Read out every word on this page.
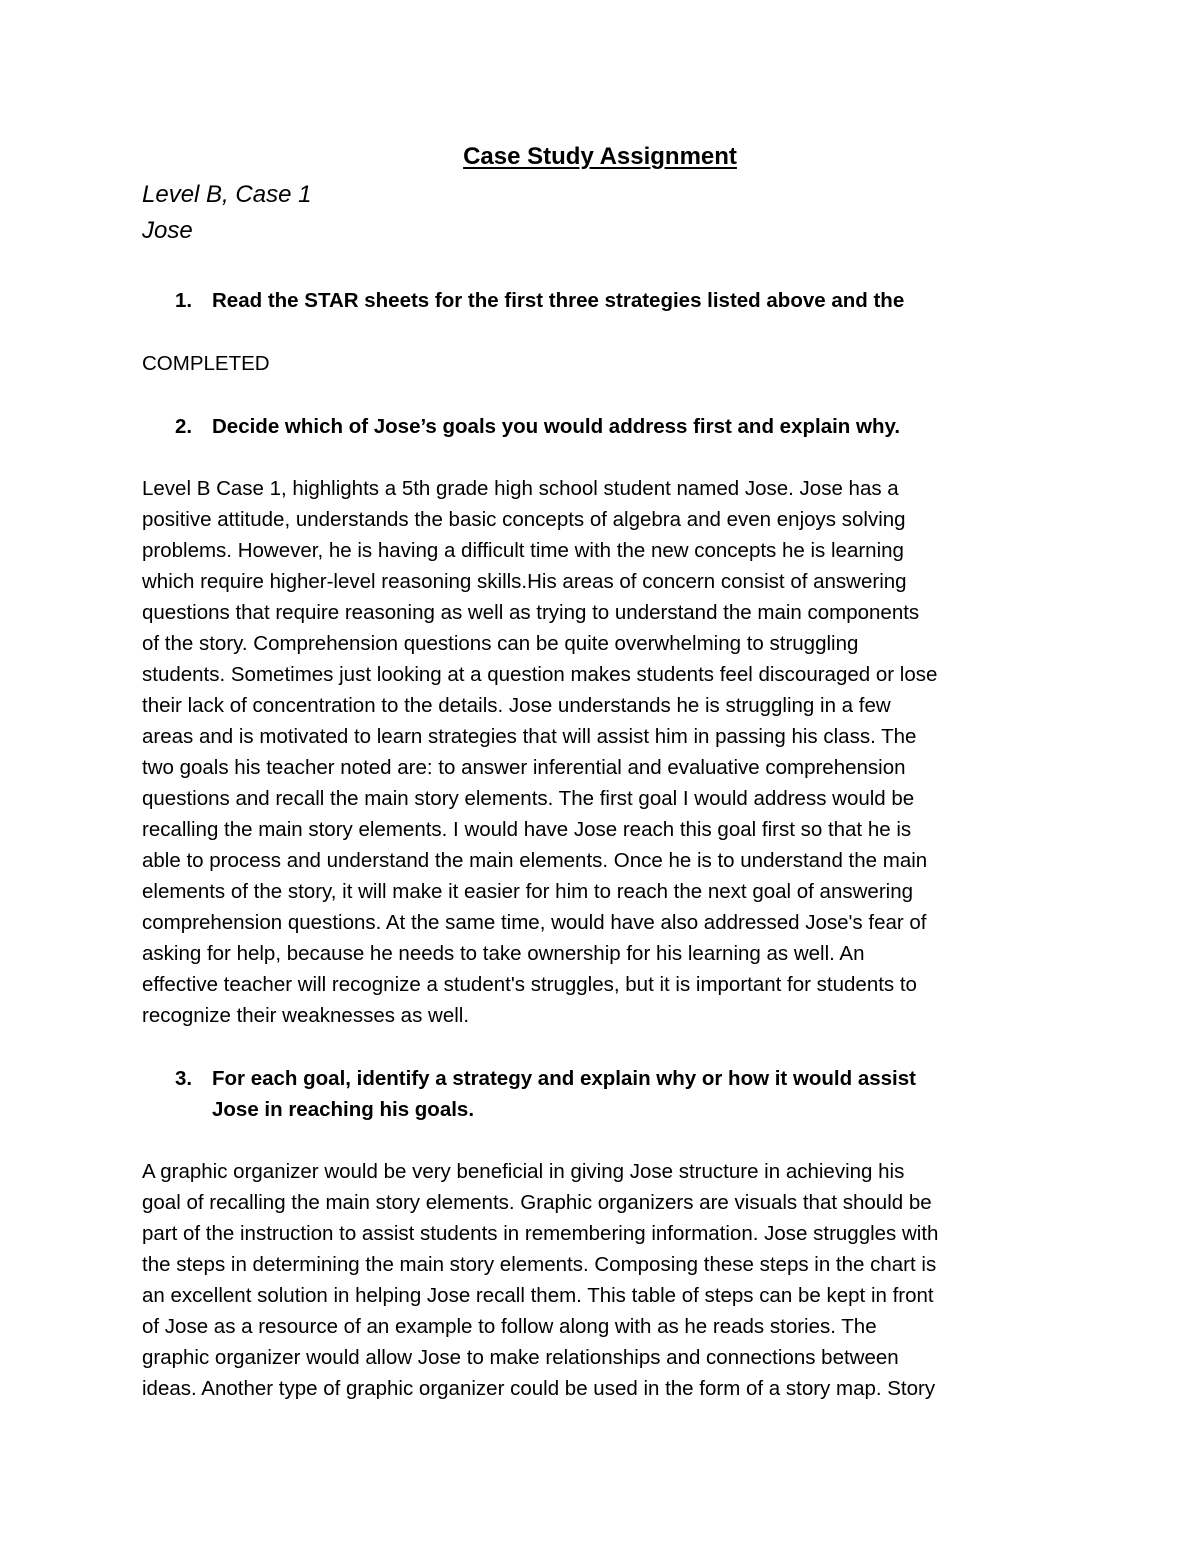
Case Study Assignment
Level B, Case 1
Jose
1. Read the STAR sheets for the first three strategies listed above and the
COMPLETED
2. Decide which of Jose’s goals you would address first and explain why.
Level B Case 1, highlights a 5th grade high school student named Jose. Jose has a
positive attitude, understands the basic concepts of algebra and even enjoys solving
problems. However, he is having a difficult time with the new concepts he is learning
which require higher-level reasoning skills.His areas of concern consist of answering
questions that require reasoning as well as trying to understand the main components
of the story. Comprehension questions can be quite overwhelming to struggling
students. Sometimes just looking at a question makes students feel discouraged or lose
their lack of concentration to the details. Jose understands he is struggling in a few
areas and is motivated to learn strategies that will assist him in passing his class. The
two goals his teacher noted are: to answer inferential and evaluative comprehension
questions and recall the main story elements. The first goal I would address would be
recalling the main story elements. I would have Jose reach this goal first so that he is
able to process and understand the main elements. Once he is to understand the main
elements of the story, it will make it easier for him to reach the next goal of answering
comprehension questions. At the same time, would have also addressed Jose's fear of
asking for help, because he needs to take ownership for his learning as well. An
effective teacher will recognize a student's struggles, but it is important for students to
recognize their weaknesses as well.
3. For each goal, identify a strategy and explain why or how it would assist
Jose in reaching his goals.
A graphic organizer would be very beneficial in giving Jose structure in achieving his
goal of recalling the main story elements. Graphic organizers are visuals that should be
part of the instruction to assist students in remembering information. Jose struggles with
the steps in determining the main story elements. Composing these steps in the chart is
an excellent solution in helping Jose recall them. This table of steps can be kept in front
of Jose as a resource of an example to follow along with as he reads stories. The
graphic organizer would allow Jose to make relationships and connections between
ideas. Another type of graphic organizer could be used in the form of a story map. Story
